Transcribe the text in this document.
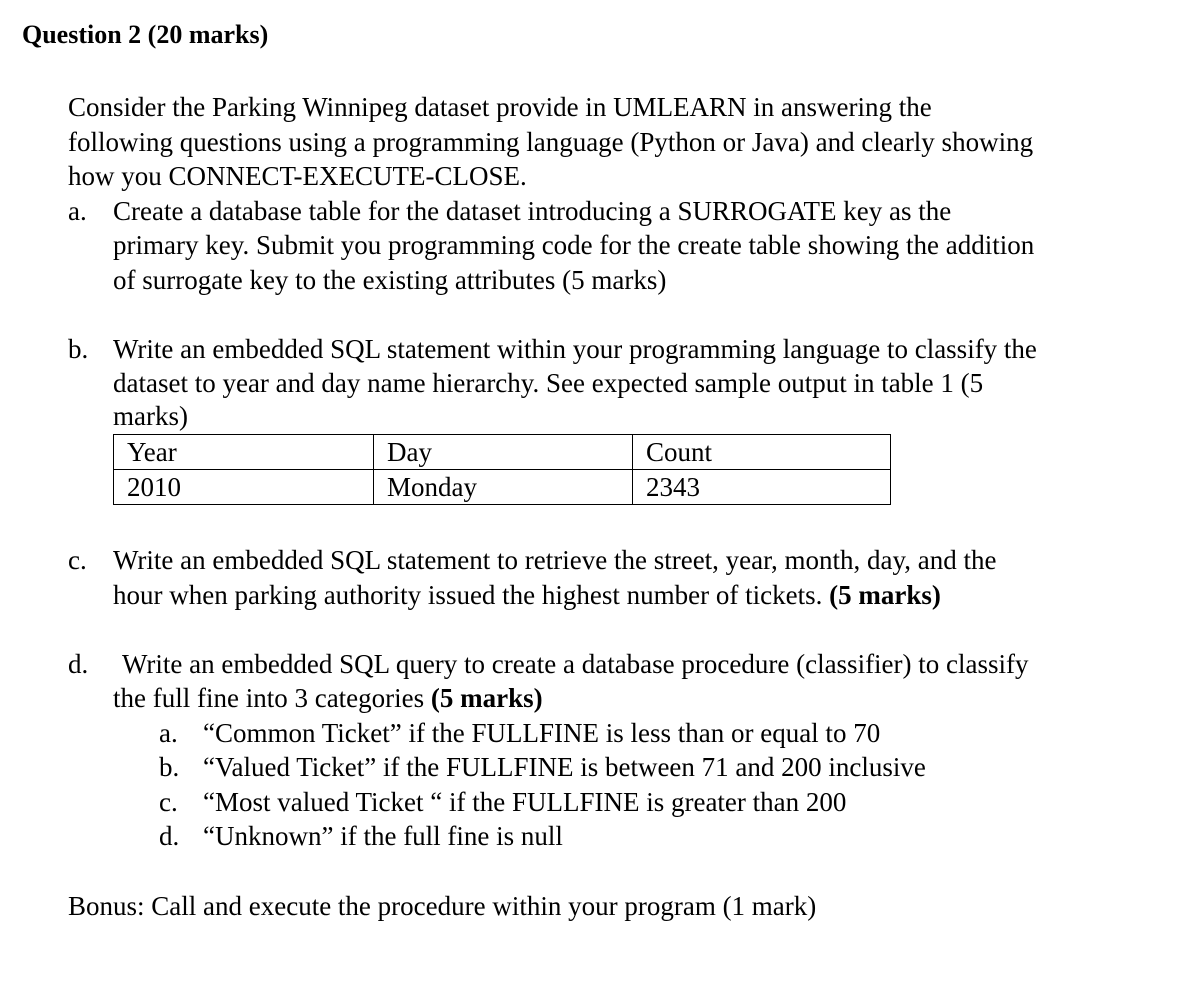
Question 2 (20 marks)
Consider the Parking Winnipeg dataset provide in UMLEARN in answering the
following questions using a programming language (Python or Java) and clearly showing
how you CONNECT-EXECUTE-CLOSE.
a. Create a database table for the dataset introducing a SURROGATE key as the
primary key. Submit you programming code for the create table showing the addition
of surrogate key to the existing attributes (5 marks)
b. Write an embedded SQL statement within your programming language to classify the
dataset to year and day name hierarchy. See expected sample output in table 1 (5
marks)
Year	Day	Count
2010	Monday	2343
c. Write an embedded SQL statement to retrieve the street, year, month, day, and the
hour when parking authority issued the highest number of tickets. (5 marks)
d. Write an embedded SQL query to create a database procedure (classifier) to classify
the full fine into 3 categories (5 marks)
a. “Common Ticket” if the FULLFINE is less than or equal to 70
b. “Valued Ticket” if the FULLFINE is between 71 and 200 inclusive
c. “Most valued Ticket “ if the FULLFINE is greater than 200
d. “Unknown” if the full fine is null
Bonus: Call and execute the procedure within your program (1 mark)
